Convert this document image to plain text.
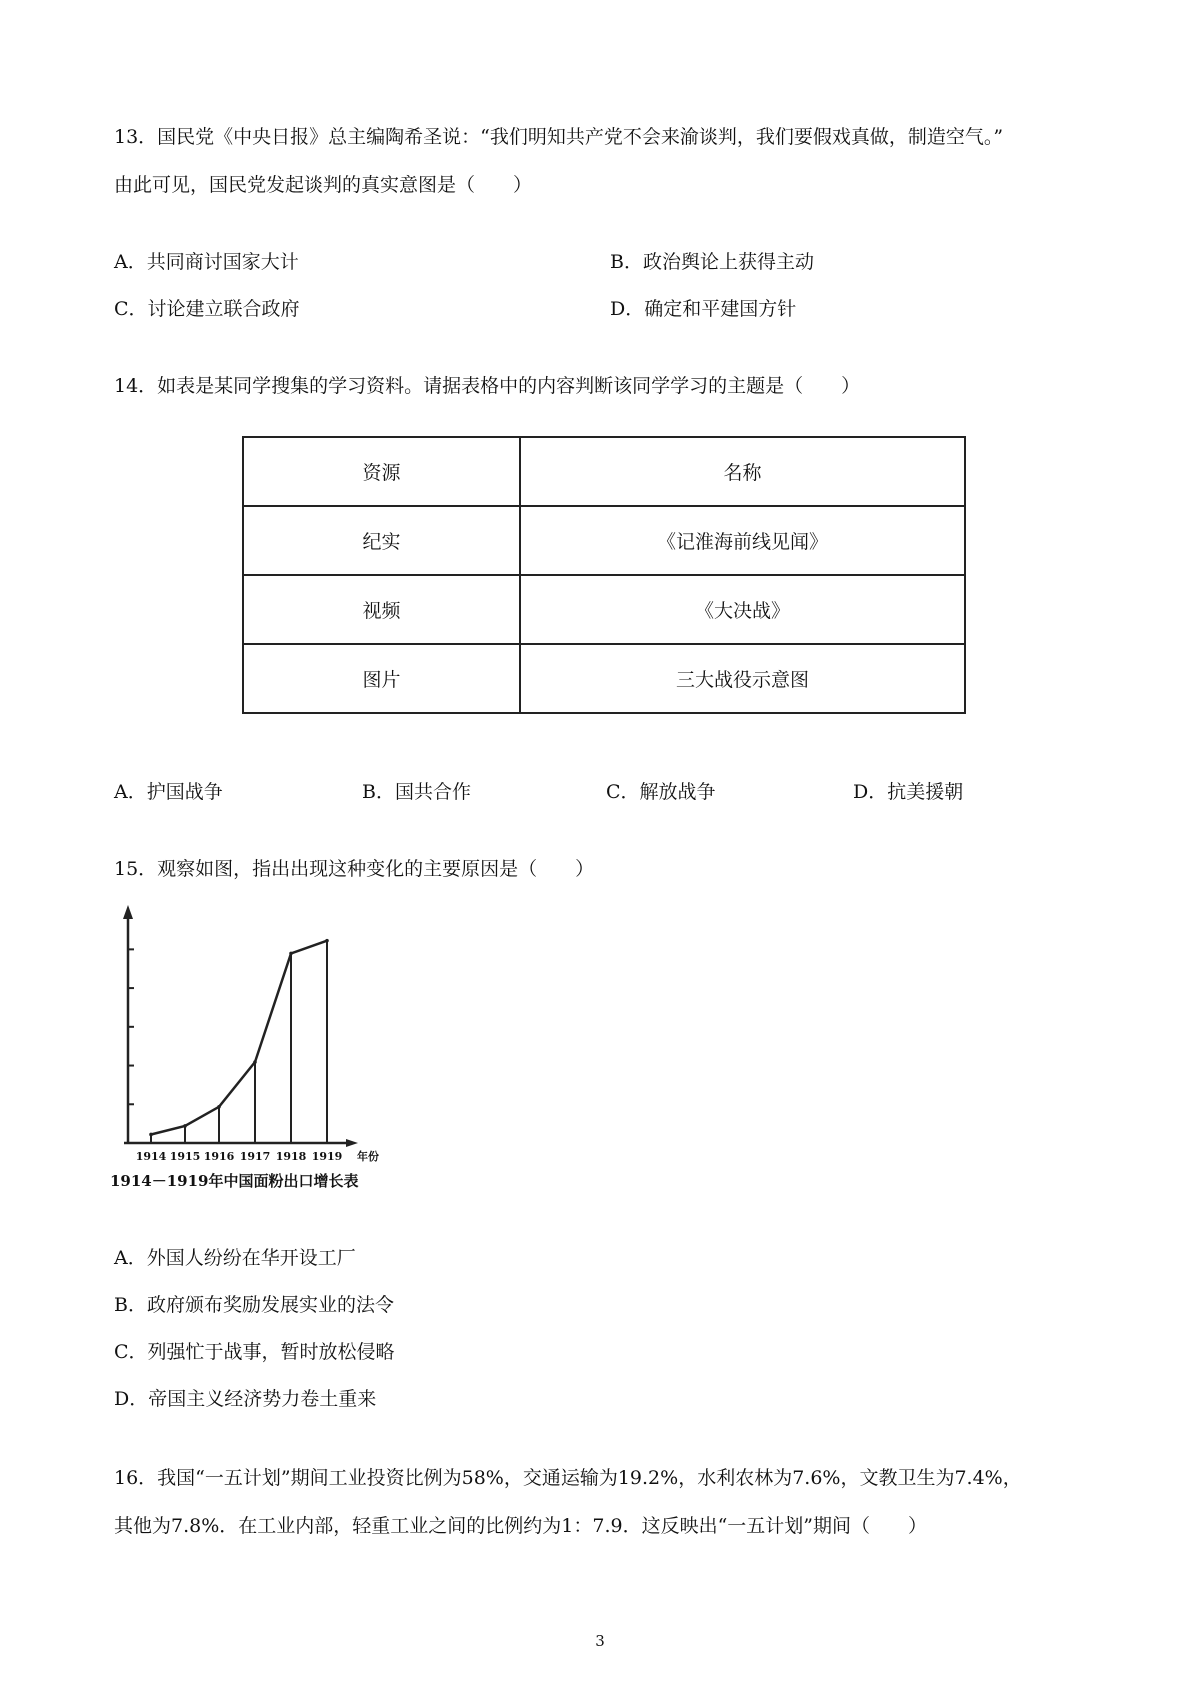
13．国民党《中央日报》总主编陶希圣说：“我们明知共产党不会来渝谈判，我们要假戏真做，制造空气。”
由此可见，国民党发起谈判的真实意图是（　　）
A．共同商讨国家大计	B．政治舆论上获得主动
C．讨论建立联合政府	D．确定和平建国方针
14．如表是某同学搜集的学习资料。请据表格中的内容判断该同学学习的主题是（　　）
资源	名称
纪实	《记淮海前线见闻》
视频	《大决战》
图片	三大战役示意图
A．护国战争	B．国共合作	C．解放战争	D．抗美援朝
15．观察如图，指出出现这种变化的主要原因是（　　）
1914 1915 1916 1917 1918 1919 年份
1914－1919年中国面粉出口增长表
A．外国人纷纷在华开设工厂
B．政府颁布奖励发展实业的法令
C．列强忙于战事，暂时放松侵略
D．帝国主义经济势力卷土重来
16．我国“一五计划”期间工业投资比例为58%，交通运输为19.2%，水利农林为7.6%，文教卫生为7.4%，
其他为7.8%．在工业内部，轻重工业之间的比例约为1：7.9．这反映出“一五计划”期间（　　）
3
